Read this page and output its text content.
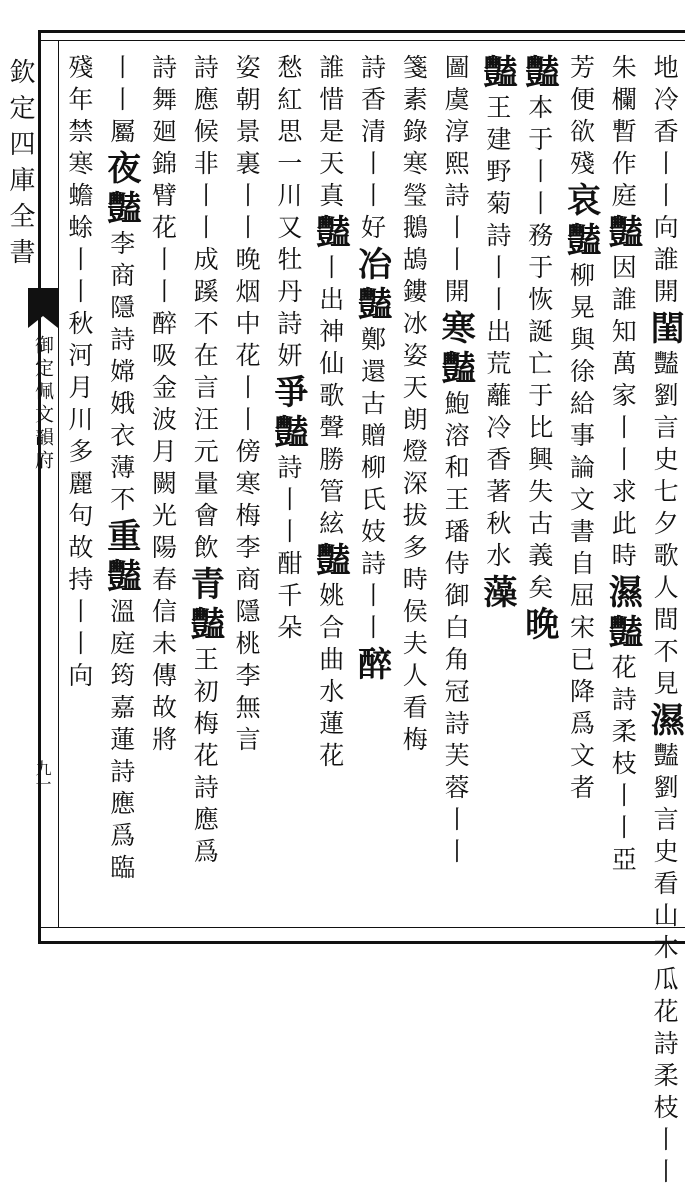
欽定四庫全書
御定佩文韻府
九一
地冷香丨丨向誰開閨豔劉言史七夕歌人間不見濕豔劉言史看山木瓜花詩柔枝丨丨
朱欄暫作庭豔因誰知萬家丨丨求此時濕豔花詩柔枝丨丨亞
芳便欲殘哀豔柳晃與徐給事論文書自屈宋已降爲文者
豔本于丨丨務于恢誕亡于比興失古義矣晚
豔王建野菊詩丨丨出荒蘺冷香著秋水藻
圖虞淳熙詩丨丨開寒豔鮑溶和王璠侍御白角冠詩芙蓉丨丨
箋素錄寒瑩鵝鴣鏤冰姿天朗燈深拔多時侯夫人看梅
詩香清丨丨好冶豔鄭還古贈柳氏妓詩丨丨醉
誰惜是天真豔丨出神仙歌聲勝管絃豔姚合曲水蓮花
愁紅思一川又牡丹詩妍爭豔詩丨丨酣千朵
姿朝景裏丨丨晚烟中花丨丨傍寒梅李商隱桃李無言
詩應候非丨丨成蹊不在言汪元量會飲青豔王初梅花詩應爲
詩舞廻錦臂花丨丨醉吸金波月闕光陽春信未傳故將
丨丨屬夜豔李商隱詩嫦娥衣薄不重豔溫庭筠嘉蓮詩應爲臨
殘年禁寒蟾蜍丨丨秋河月川多麗句故持丨丨向
